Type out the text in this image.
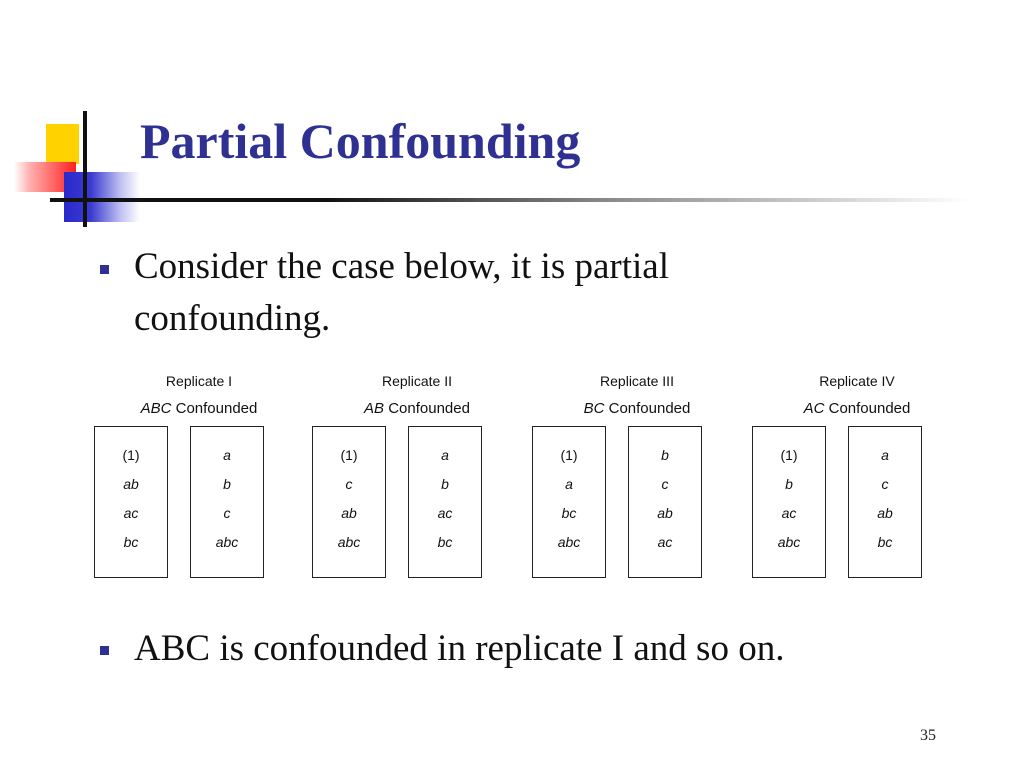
Partial Confounding
Consider the case below, it is partial confounding.
Replicate I
ABC Confounded
(1)
ab
ac
bc
a
b
c
abc
Replicate II
AB Confounded
(1)
c
ab
abc
a
b
ac
bc
Replicate III
BC Confounded
(1)
a
bc
abc
b
c
ab
ac
Replicate IV
AC Confounded
(1)
b
ac
abc
a
c
ab
bc
ABC is confounded in replicate I and so on.
35
